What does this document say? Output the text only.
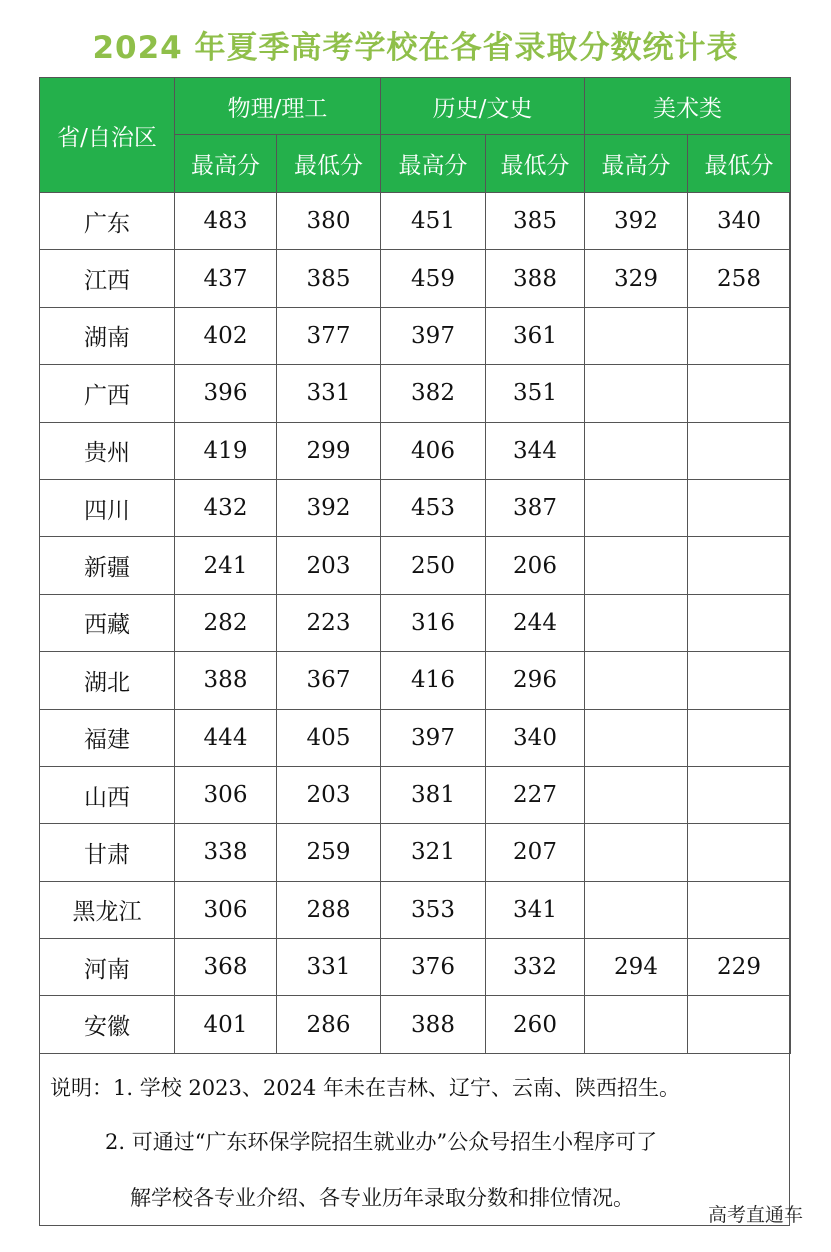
2024 年夏季高考学校在各省录取分数统计表
省/自治区	物理/理工		历史/文史		美术类	
	最高分	最低分	最高分	最低分	最高分	最低分
广东	483	380	451	385	392	340
江西	437	385	459	388	329	258
湖南	402	377	397	361		
广西	396	331	382	351		
贵州	419	299	406	344		
四川	432	392	453	387		
新疆	241	203	250	206		
西藏	282	223	316	244		
湖北	388	367	416	296		
福建	444	405	397	340		
山西	306	203	381	227		
甘肃	338	259	321	207		
黑龙江	306	288	353	341		
河南	368	331	376	332	294	229
安徽	401	286	388	260		
说明：1. 学校 2023、2024 年未在吉林、辽宁、云南、陕西招生。
2. 可通过“广东环保学院招生就业办”公众号招生小程序可了
解学校各专业介绍、各专业历年录取分数和排位情况。
高考直通车
